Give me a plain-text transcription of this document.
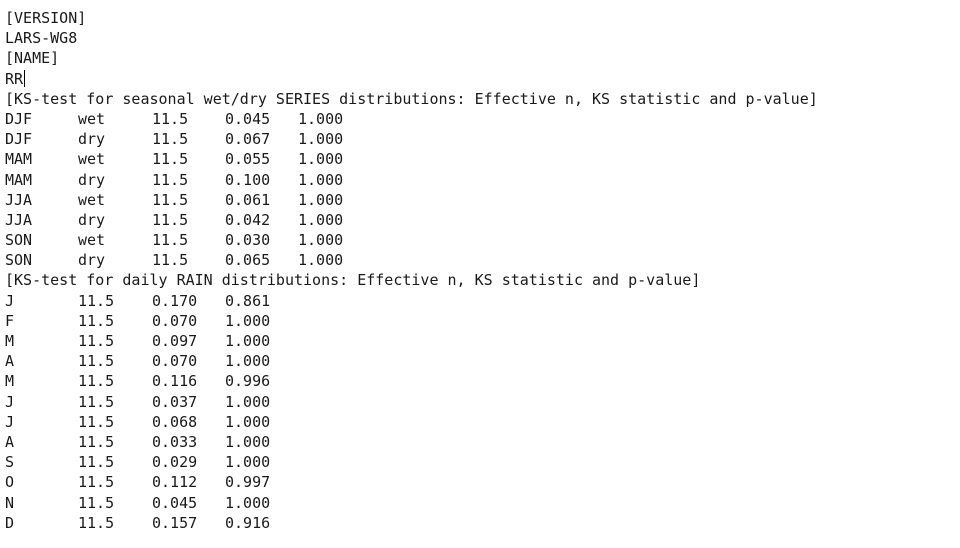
[VERSION]
LARS-WG8
[NAME]
RR
[KS-test for seasonal wet/dry SERIES distributions: Effective n, KS statistic and p-value]
DJF	wet	11.5 0.045 1.000
DJF	dry	11.5 0.067 1.000
MAM	wet	11.5 0.055 1.000
MAM	dry	11.5 0.100 1.000
JJA	wet	11.5 0.061 1.000
JJA	dry	11.5 0.042 1.000
SON	wet	11.5 0.030 1.000
SON	dry	11.5 0.065 1.000
[KS-test for daily RAIN distributions: Effective n, KS statistic and p-value]
J	11.5	0.170 0.861
F	11.5	0.070 1.000
M	11.5	0.097 1.000
A	11.5	0.070 1.000
M	11.5	0.116 0.996
J	11.5	0.037 1.000
J	11.5	0.068 1.000
A	11.5	0.033 1.000
S	11.5	0.029 1.000
O	11.5	0.112 0.997
N	11.5	0.045 1.000
D	11.5	0.157 0.916
